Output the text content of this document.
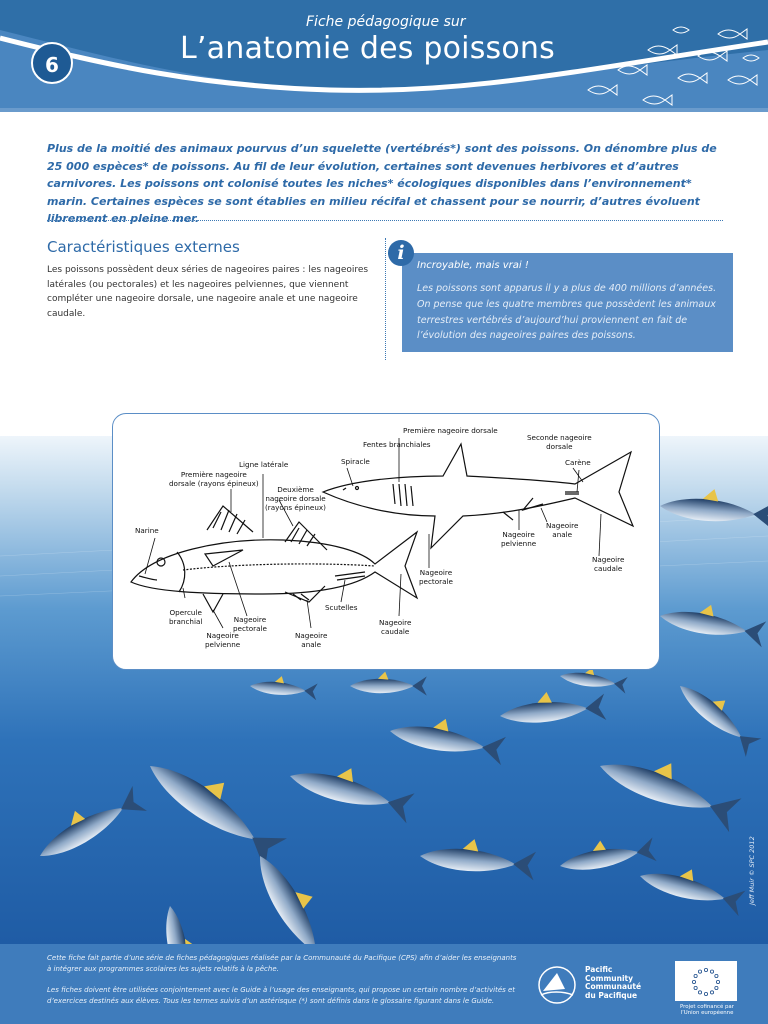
6
Fiche pédagogique sur
L’anatomie des poissons

Plus de la moitié des animaux pourvus d’un squelette (vertébrés*) sont des poissons. On dénombre plus de 25 000 espèces* de poissons. Au fil de leur évolution, certaines sont devenues herbivores et d’autres carnivores. Les poissons ont colonisé toutes les niches* écologiques disponibles dans l’environnement* marin. Certaines espèces se sont établies en milieu récifal et chassent pour se nourrir, d’autres évoluent librement en pleine mer.

Caractéristiques externes

Les poissons possèdent deux séries de nageoires paires : les nageoires latérales (ou pectorales) et les nageoires pelviennes, que viennent compléter une nageoire dorsale, une nageoire anale et une nageoire caudale.

i

Incroyable, mais vrai !

Les poissons sont apparus il y a plus de 400 millions d’années. On pense que les quatre membres que possèdent les animaux terrestres vertébrés d’aujourd’hui proviennent en fait de l’évolution des nageoires paires des poissons.

Première nageoire dorsale
Fentes branchiales
Seconde nageoire
dorsale
Spiracle	Carène
Nageoire
anale
Nageoire
pelvienne
Nageoire
caudale
Nageoire
pectorale
Ligne latérale
Première nageoire
dorsale (rayons épineux)
Deuxième
nageoire dorsale
(rayons épineux)
Narine
Opercule
branchial	Nageoire
pectorale
Nageoire
pelvienne
Nageoire
anale
Scutelles
Nageoire
caudale
Jeff Muir © SPC 2012

Cette fiche fait partie d’une série de fiches pédagogiques réalisée par la Communauté du Pacifique (CPS) afin d’aider les enseignants à intégrer aux programmes scolaires les sujets relatifs à la pêche.

Les fiches doivent être utilisées conjointement avec le Guide à l’usage des enseignants, qui propose un certain nombre d’activités et d’exercices destinés aux élèves. Tous les termes suivis d’un astérisque (*) sont définis dans le glossaire figurant dans le Guide.

Pacific
Community
Communauté
du Pacifique
Projet cofinancé par l’Union européenne
